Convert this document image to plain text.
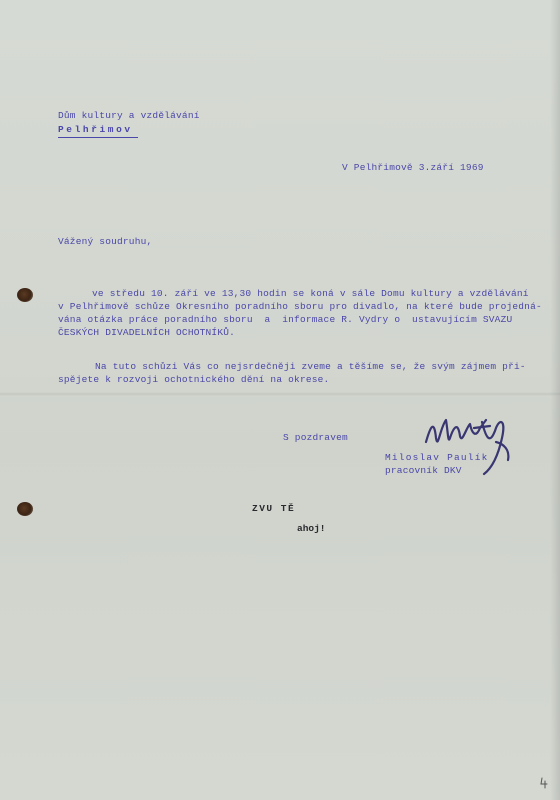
Dům kultury a vzdělávání
Pelhřimov
V Pelhřimově 3.září 1969
Vážený soudruhu,
ve středu 10. září ve 13,30 hodin se koná v sále Domu kultury a vzdělávání
v Pelhřimově schůze Okresního poradního sboru pro divadlo, na které bude projedná-
vána otázka práce poradního sboru  a  informace R. Vydry o  ustavujícím SVAZU
ČESKÝCH DIVADELNÍCH OCHOTNÍKŮ.
Na tuto schůzi Vás co nejsrdečněji zveme a těšíme se, že svým zájmem při-
spějete k rozvoji ochotnického dění na okrese.
S pozdravem
Miloslav Paulík
pracovník DKV
ZVU TĚ
ahoj!
